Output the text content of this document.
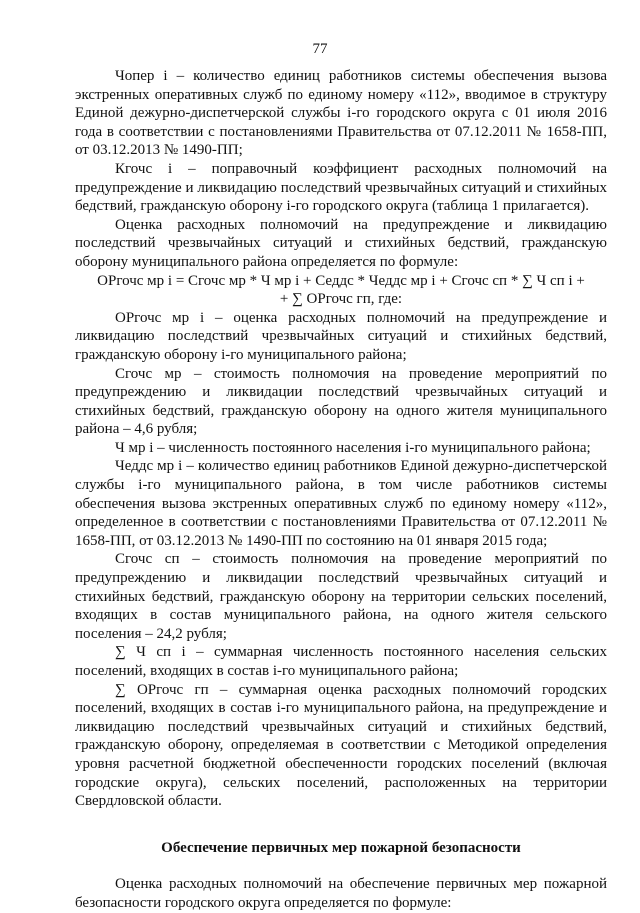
77

Чопер i – количество единиц работников системы обеспечения вызова экстренных оперативных служб по единому номеру «112», вводимое в структуру Единой дежурно-диспетчерской службы i-го городского округа с 01 июля 2016 года в соответствии с постановлениями Правительства от 07.12.2011 № 1658-ПП, от 03.12.2013 № 1490-ПП;

Кгочс i – поправочный коэффициент расходных полномочий на предупреждение и ликвидацию последствий чрезвычайных ситуаций и стихийных бедствий, гражданскую оборону i-го городского округа (таблица 1 прилагается).

Оценка расходных полномочий на предупреждение и ликвидацию последствий чрезвычайных ситуаций и стихийных бедствий, гражданскую оборону муниципального района определяется по формуле:

ОРгочс мр i = Сгочс мр * Ч мр i + Седдс * Чеддс мр i + Сгочс сп * ∑ Ч сп i +

+ ∑ ОРгочс гп, где:

ОРгочс мр i – оценка расходных полномочий на предупреждение и ликвидацию последствий чрезвычайных ситуаций и стихийных бедствий, гражданскую оборону i-го муниципального района;

Сгочс мр – стоимость полномочия на проведение мероприятий по предупреждению и ликвидации последствий чрезвычайных ситуаций и стихийных бедствий, гражданскую оборону на одного жителя муниципального района – 4,6 рубля;

Ч мр i – численность постоянного населения i-го муниципального района;

Чеддс мр i – количество единиц работников Единой дежурно-диспетчерской службы i-го муниципального района, в том числе работников системы обеспечения вызова экстренных оперативных служб по единому номеру «112», определенное в соответствии с постановлениями Правительства от 07.12.2011 № 1658-ПП, от 03.12.2013 № 1490-ПП по состоянию на 01 января 2015 года;

Сгочс сп – стоимость полномочия на проведение мероприятий по предупреждению и ликвидации последствий чрезвычайных ситуаций и стихийных бедствий, гражданскую оборону на территории сельских поселений, входящих в состав муниципального района, на одного жителя сельского поселения – 24,2 рубля;

∑ Ч сп i – суммарная численность постоянного населения сельских поселений, входящих в состав i-го муниципального района;

∑ ОРгочс гп – суммарная оценка расходных полномочий городских поселений, входящих в состав i-го муниципального района, на предупреждение и ликвидацию последствий чрезвычайных ситуаций и стихийных бедствий, гражданскую оборону, определяемая в соответствии с Методикой определения уровня расчетной бюджетной обеспеченности городских поселений (включая городские округа), сельских поселений, расположенных на территории Свердловской области.

Обеспечение первичных мер пожарной безопасности

Оценка расходных полномочий на обеспечение первичных мер пожарной безопасности городского округа определяется по формуле:
